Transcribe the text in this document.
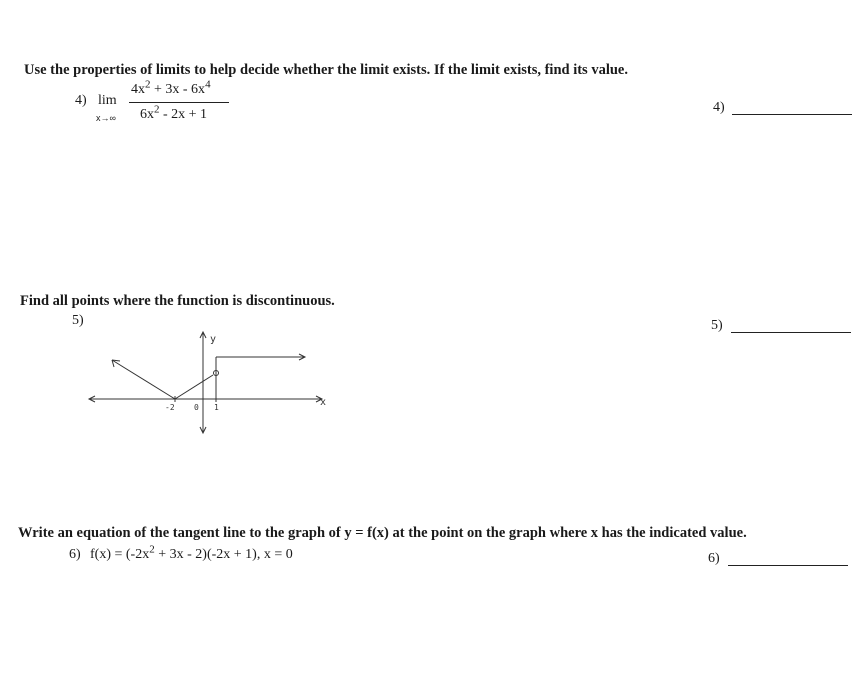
Use the properties of limits to help decide whether the limit exists. If the limit exists, find its value.
4) lim
x→∞
$4x^2 + 3x - 6x^4$
$6x^2 - 2x + 1$	4)
Find all points where the function is discontinuous.
5)	5)
x
y
-2 0 1
Write an equation of the tangent line to the graph of y = f(x) at the point on the graph where x has the indicated value.
6) $f(x) = (-2x^2 + 3x - 2)(-2x + 1)$, x = 0	6)
